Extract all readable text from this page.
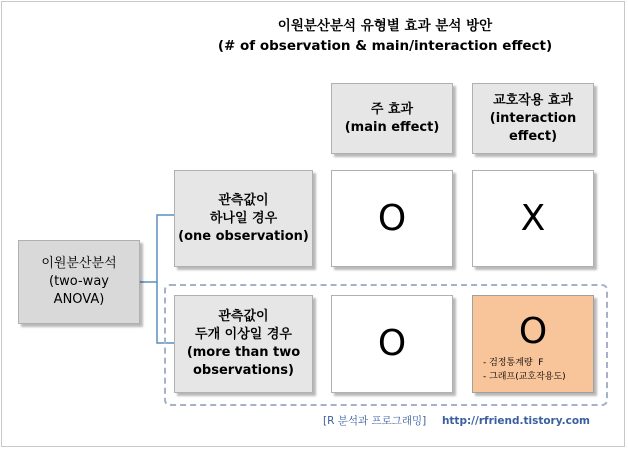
이원분산분석 유형별 효과 분석 방안
(# of observation & main/interaction effect)
주 효과
(main effect)
교호작용 효과
(interaction
effect)
이원분산분석
(two-way
ANOVA)
관측값이
하나일 경우
(one observation) O	X
관측값이
두개 이상일 경우
(more than two
observations)
O	O
- 검정통계량  F
- 그래프(교호작용도)
[R 분석과 프로그래밍] http://rfriend.tistory.com
